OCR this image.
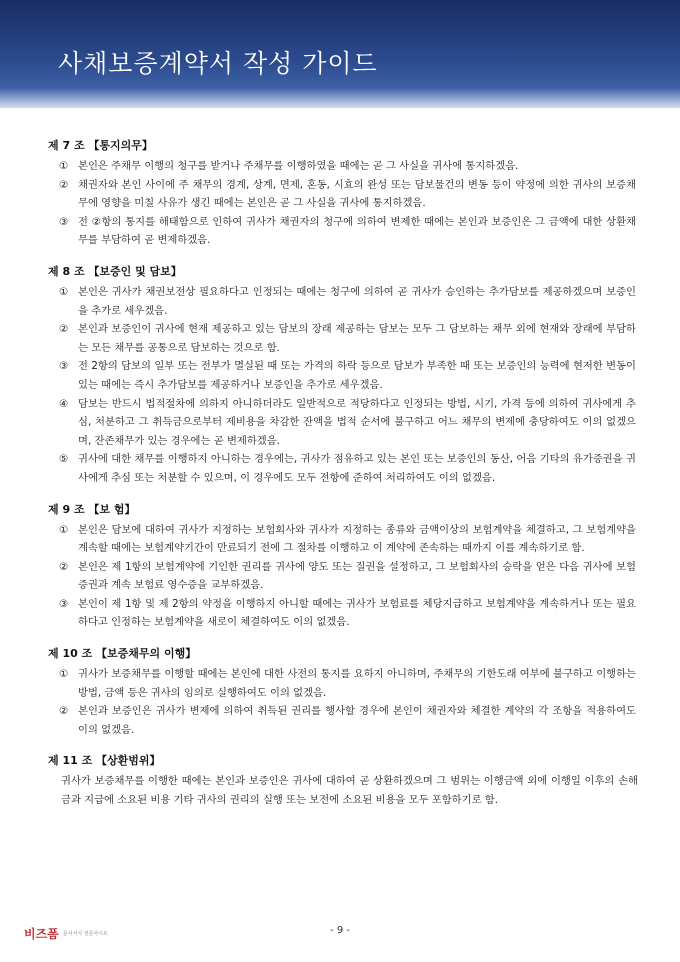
사채보증계약서 작성 가이드
제 7 조 【통지의무】
① 본인은 주채무 이행의 청구를 받거나 주채무를 이행하였을 때에는 곧 그 사실을 귀사에 통지하겠음.
② 채권자와 본인 사이에 주 채무의 경계, 상계, 면제, 혼동, 시효의 완성 또는 담보물건의 변동 등이 약정에 의한 귀사의 보증채무에 영향을 미칠 사유가 생긴 때에는 본인은 곧 그 사실을 귀사에 통지하겠음.
③ 전 ②항의 통지를 해태함으로 인하여 귀사가 채권자의 청구에 의하여 변제한 때에는 본인과 보증인은 그 금액에 대한 상환채무를 부담하여 곧 변제하겠음.
제 8 조 【보증인 및 담보】
① 본인은 귀사가 채권보전상 필요하다고 인정되는 때에는 청구에 의하여 곧 귀사가 승인하는 추가담보를 제공하겠으며 보증인을 추가로 세우겠음.
② 본인과 보증인이 귀사에 현재 제공하고 있는 담보의 장래 제공하는 담보는 모두 그 담보하는 채무 외에 현재와 장래에 부담하는 모든 채무를 공통으로 담보하는 것으로 함.
③ 전 2항의 담보의 일부 또는 전부가 멸실된 때 또는 가격의 하락 등으로 담보가 부족한 때 또는 보증인의 능력에 현저한 변동이 있는 때에는 즉시 추가담보를 제공하거나 보증인을 추가로 세우겠음.
④ 담보는 반드시 법적절차에 의하지 아니하더라도 일반적으로 적당하다고 인정되는 방법, 시기, 가격 등에 의하여 귀사에게 추심, 처분하고 그 취득금으로부터 제비용을 차감한 잔액을 법적 순서에 불구하고 어느 채무의 변제에 충당하여도 이의 없겠으며, 잔존채무가 있는 경우에는 곧 변제하겠음.
⑤ 귀사에 대한 채무를 이행하지 아니하는 경우에는, 귀사가 점유하고 있는 본인 또는 보증인의 동산, 어음 기타의 유가증권을 귀사에게 추심 또는 처분할 수 있으며, 이 경우에도 모두 전항에 준하여 처리하여도 이의 없겠음.
제 9 조 【보 험】
① 본인은 담보에 대하여 귀사가 지정하는 보험회사와 귀사가 지정하는 종류와 금액이상의 보험계약을 체결하고, 그 보험계약을 계속할 때에는 보험계약기간이 만료되기 전에 그 절차를 이행하고 이 계약에 존속하는 때까지 이를 계속하기로 함.
② 본인은 제 1항의 보험계약에 기인한 권리를 귀사에 양도 또는 질권을 설정하고, 그 보험회사의 승락을 얻은 다음 귀사에 보험증권과 계속 보험료 영수증을 교부하겠음.
③ 본인이 제 1항 및 제 2항의 약정을 이행하지 아니할 때에는 귀사가 보험료를 체당지급하고 보험계약을 계속하거나 또는 필요하다고 인정하는 보험계약을 새로이 체결하여도 이의 없겠음.
제 10 조 【보증채무의 이행】
① 귀사가 보증채무를 이행할 때에는 본인에 대한 사전의 통지를 요하지 아니하며, 주채무의 기한도래 여부에 불구하고 이행하는 방법, 금액 등은 귀사의 임의로 실행하여도 이의 없겠음.
② 본인과 보증인은 귀사가 변제에 의하여 취득된 권리를 행사할 경우에 본인이 채권자와 체결한 계약의 각 조항을 적용하여도 이의 없겠음.
제 11 조 【상환범위】
귀사가 보증채무를 이행한 때에는 본인과 보증인은 귀사에 대하여 곧 상환하겠으며 그 범위는 이행금액 외에 이행일 이후의 손해금과 지급에 소요된 비용 기타 귀사의 권리의 실행 또는 보전에 소요된 비용을 모두 포함하기로 함.
비즈폼 문서서식 전문사이트	- 9 -
